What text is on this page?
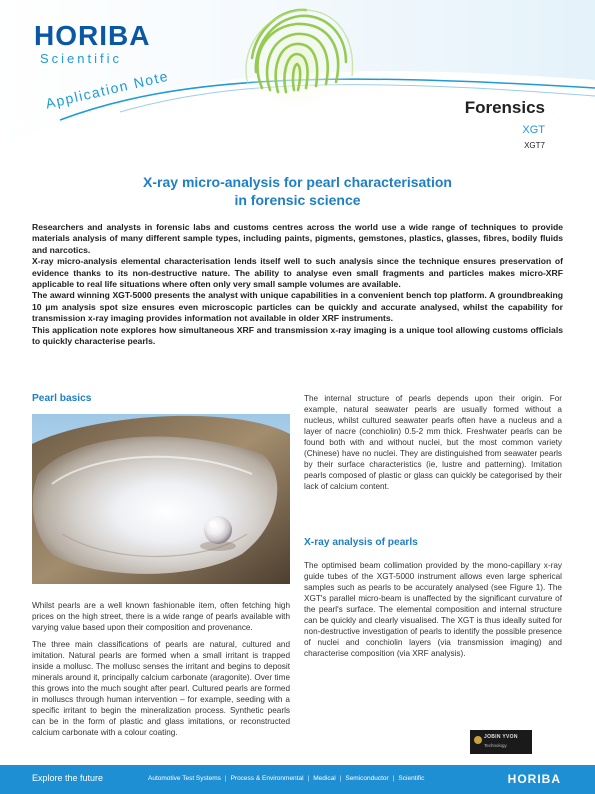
HORIBA
Scientific
Application Note	Forensics
XGT
XGT7
X-ray micro-analysis for pearl characterisation
in forensic science

Researchers and analysts in forensic labs and customs centres across the world use a wide range of techniques to provide materials analysis of many different sample types, including paints, pigments, gemstones, plastics, glasses, fibres, bodily fluids and narcotics.

X-ray micro-analysis elemental characterisation lends itself well to such analysis since the technique ensures preservation of evidence thanks to its non-destructive nature. The ability to analyse even small fragments and particles makes micro-XRF applicable to real life situations where often only very small sample volumes are available.

The award winning XGT-5000 presents the analyst with unique capabilities in a convenient bench top platform. A groundbreaking 10 µm analysis spot size ensures even microscopic particles can be quickly and accurate analysed, whilst the capability for transmission x-ray imaging provides information not available in older XRF instruments.

This application note explores how simultaneous XRF and transmission x-ray imaging is a unique tool allowing customs officials to quickly characterise pearls.

Pearl basics

Whilst pearls are a well known fashionable item, often fetching high prices on the high street, there is a wide range of pearls available with varying value based upon their composition and provenance.

The three main classifications of pearls are natural, cultured and imitation. Natural pearls are formed when a small irritant is trapped inside a mollusc. The mollusc senses the irritant and begins to deposit minerals around it, principally calcium carbonate (aragonite). Over time this grows into the much sought after pearl. Cultured pearls are formed in molluscs through human intervention – for example, seeding with a specific irritant to begin the mineralization process. Synthetic pearls can be in the form of plastic and glass imitations, or reconstructed calcium carbonate with a colour coating.

The internal structure of pearls depends upon their origin. For example, natural seawater pearls are usually formed without a nucleus, whilst cultured seawater pearls often have a nucleus and a layer of nacre (conchiolin) 0.5-2 mm thick. Freshwater pearls can be found both with and without nuclei, but the most common variety (Chinese) have no nuclei. They are distinguished from seawater pearls by their surface characteristics (ie, lustre and patterning). Imitation pearls composed of plastic or glass can quickly be categorised by their lack of calcium content.

X-ray analysis of pearls

The optimised beam collimation provided by the mono-capillary x-ray guide tubes of the XGT-5000 instrument allows even large spherical samples such as pearls to be accurately analysed (see Figure 1). The XGT's parallel micro-beam is unaffected by the significant curvature of the pearl's surface. The elemental composition and internal structure can be quickly and clearly visualised. The XGT is thus ideally suited for non-destructive investigation of pearls to identify the possible presence of nuclei and conchiolin layers (via transmission imaging) and characterise composition (via XRF analysis).

JOBIN YVON
Technology
Explore the future	Automotive Test Systems | Process & Environmental | Medical | Semiconductor | Scientific	HORIBA
